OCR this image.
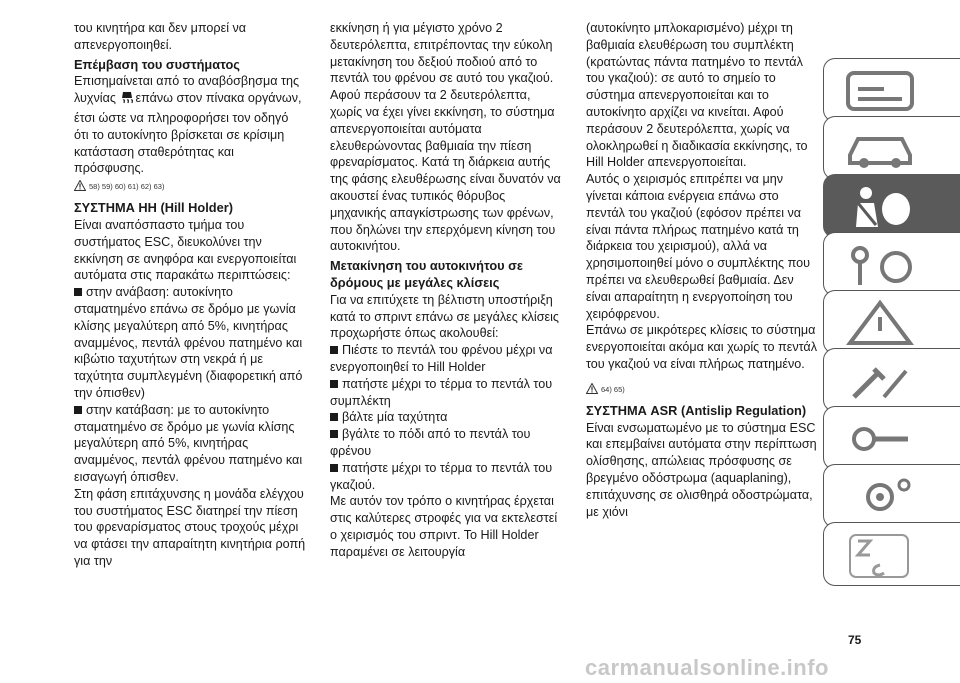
του κινητήρα και δεν μπορεί να απενεργοποιηθεί.

Επέμβαση του συστήματος

Επισημαίνεται από το αναβόσβησμα της λυχνίας επάνω στον πίνακα οργάνων, έτσι ώστε να πληροφορήσει τον οδηγό ότι το αυτοκίνητο βρίσκεται σε κρίσιμη κατάσταση σταθερότητας και πρόσφυσης.

58) 59) 60) 61) 62) 63)

ΣΥΣΤΗΜΑ HH (Hill Holder)

Είναι αναπόσπαστο τμήμα του συστήματος ESC, διευκολύνει την εκκίνηση σε ανηφόρα και ενεργοποιείται αυτόματα στις παρακάτω περιπτώσεις:

στην ανάβαση: αυτοκίνητο σταματημένο επάνω σε δρόμο με γωνία κλίσης μεγαλύτερη από 5%, κινητήρας αναμμένος, πεντάλ φρένου πατημένο και κιβώτιο ταχυτήτων στη νεκρά ή με ταχύτητα συμπλεγμένη (διαφορετική από την όπισθεν)

στην κατάβαση: με το αυτοκίνητο σταματημένο σε δρόμο με γωνία κλίσης μεγαλύτερη από 5%, κινητήρας αναμμένος, πεντάλ φρένου πατημένο και εισαγωγή όπισθεν.

Στη φάση επιτάχυνσης η μονάδα ελέγχου του συστήματος ESC διατηρεί την πίεση του φρεναρίσματος στους τροχούς μέχρι να φτάσει την απαραίτητη κινητήρια ροπή για την

εκκίνηση ή για μέγιστο χρόνο 2 δευτερόλεπτα, επιτρέποντας την εύκολη μετακίνηση του δεξιού ποδιού από το πεντάλ του φρένου σε αυτό του γκαζιού.

Αφού περάσουν τα 2 δευτερόλεπτα, χωρίς να έχει γίνει εκκίνηση, το σύστημα απενεργοποιείται αυτόματα ελευθερώνοντας βαθμιαία την πίεση φρεναρίσματος. Κατά τη διάρκεια αυτής της φάσης ελευθέρωσης είναι δυνατόν να ακουστεί ένας τυπικός θόρυβος μηχανικής απαγκίστρωσης των φρένων, που δηλώνει την επερχόμενη κίνηση του αυτοκινήτου.

Μετακίνηση του αυτοκινήτου σε δρόμους με μεγάλες κλίσεις

Για να επιτύχετε τη βέλτιστη υποστήριξη κατά το σπριντ επάνω σε μεγάλες κλίσεις προχωρήστε όπως ακολουθεί:

Πιέστε το πεντάλ του φρένου μέχρι να ενεργοποιηθεί το Hill Holder

πατήστε μέχρι το τέρμα το πεντάλ του συμπλέκτη

βάλτε μία ταχύτητα

βγάλτε το πόδι από το πεντάλ του φρένου

πατήστε μέχρι το τέρμα το πεντάλ του γκαζιού.

Με αυτόν τον τρόπο ο κινητήρας έρχεται στις καλύτερες στροφές για να εκτελεστεί ο χειρισμός του σπριντ. Το Hill Holder παραμένει σε λειτουργία

(αυτοκίνητο μπλοκαρισμένο) μέχρι τη βαθμιαία ελευθέρωση του συμπλέκτη (κρατώντας πάντα πατημένο το πεντάλ του γκαζιού): σε αυτό το σημείο το σύστημα απενεργοποιείται και το αυτοκίνητο αρχίζει να κινείται. Αφού περάσουν 2 δευτερόλεπτα, χωρίς να ολοκληρωθεί η διαδικασία εκκίνησης, το Hill Holder απενεργοποιείται.

Αυτός ο χειρισμός επιτρέπει να μην γίνεται κάποια ενέργεια επάνω στο πεντάλ του γκαζιού (εφόσον πρέπει να είναι πάντα πλήρως πατημένο κατά τη διάρκεια του χειρισμού), αλλά να χρησιμοποιηθεί μόνο ο συμπλέκτης που πρέπει να ελευθερωθεί βαθμιαία. Δεν είναι απαραίτητη η ενεργοποίηση του χειρόφρενου.

Επάνω σε μικρότερες κλίσεις το σύστημα ενεργοποιείται ακόμα και χωρίς το πεντάλ του γκαζιού να είναι πλήρως πατημένο.

64) 65)

ΣΥΣΤΗΜΑ ASR (Antislip Regulation)

Είναι ενσωματωμένο με το σύστημα ESC και επεμβαίνει αυτόματα στην περίπτωση ολίσθησης, απώλειας πρόσφυσης σε βρεγμένο οδόστρωμα (aquaplaning), επιτάχυνσης σε ολισθηρά οδοστρώματα, με χιόνι

75
carmanualsonline.info
